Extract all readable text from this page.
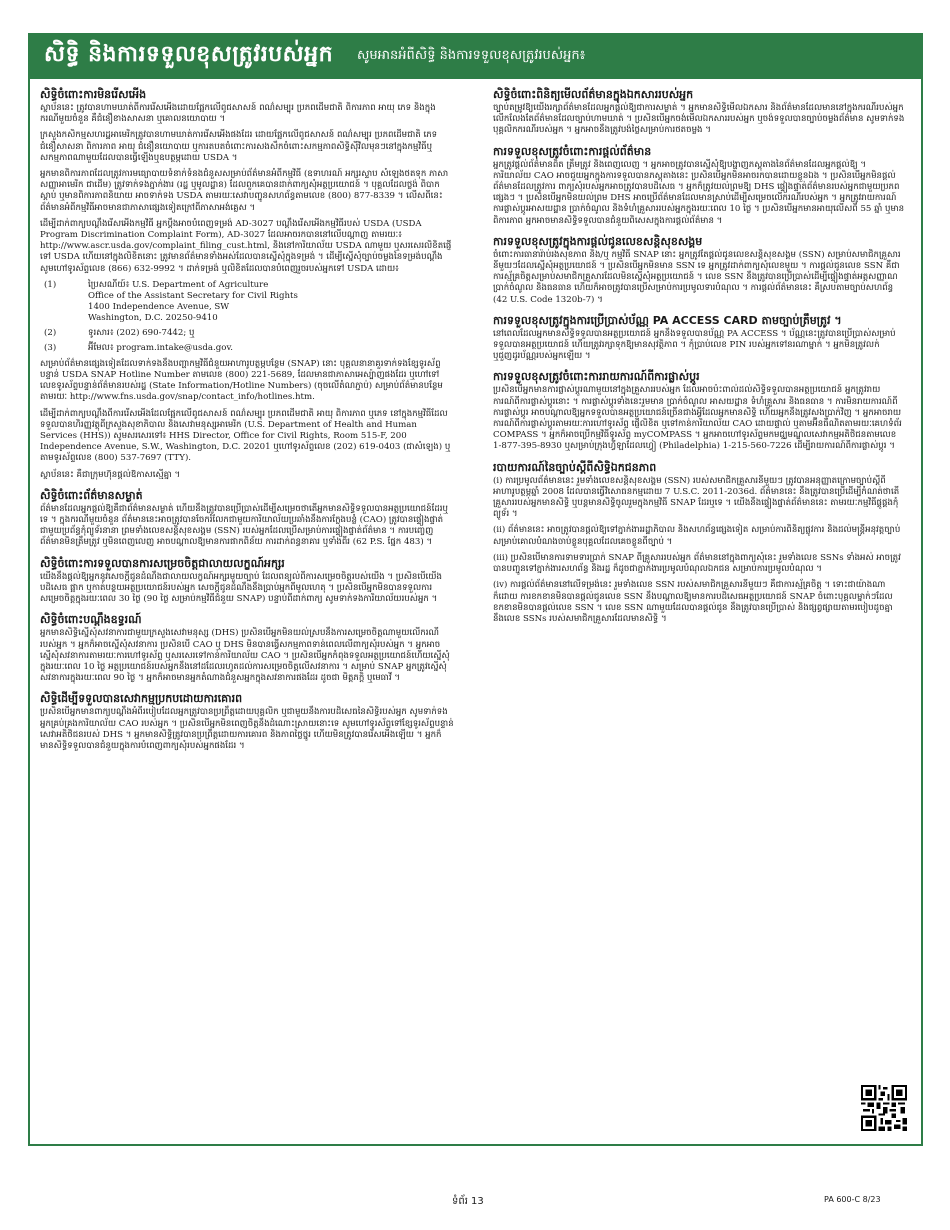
សិទ្ធិ និងការទទួលខុសត្រូវរបស់អ្នក សូមអានអំពីសិទ្ធិ និងការទទួលខុសត្រូវរបស់អ្នក៖

សិទ្ធិចំពោះការមិនរើសអើង

ស្ថាប័ននេះ ត្រូវបានហាមឃាត់ពីការរើសអើងដោយផ្អែកលើពូជសាសន៍ ពណ៌សម្បុរ ប្រភពដើមជាតិ ពិការភាព អាយុ ភេទ និងក្នុងករណីមួយចំនួន គឺជំនឿខាងសាសនា ឬគោលនយោបាយ ។

ក្រសួងកសិកម្មសហរដ្ឋអាមេរិកត្រូវបានហាមឃាត់ការរើសអើងផងដែរ ដោយផ្អែកលើពូជសាសន៍ ពណ៌សម្បុរ ប្រភពដើមជាតិ ភេទ ជំនឿសាសនា ពិការភាព អាយុ ជំនឿនយោបាយ ឬការតបតចំពោះការសងសឹកចំពោះសកម្មភាពសិទ្ធិស៊ីវិលមុនៗនៅក្នុងកម្មវិធីឬសកម្មភាពណាមួយដែលបានធ្វើឡើងឬឧបត្ថម្ភដោយ USDA ។

អ្នកមានពិការភាពដែលត្រូវការមធ្យោបាយទំនាក់ទំនងជំនួសសម្រាប់ព័ត៌មានអំពីកម្មវិធី (ឧទាហរណ៍ អក្សរស្ទាប សំឡេងថតទុក ភាសាសញ្ញាអាមេរិក ជាដើម) ត្រូវទាក់ទងភ្នាក់ងារ (រដ្ឋ ឬមូលដ្ឋាន) ដែលពួកគេបានដាក់ពាក្យសុំអត្ថប្រយោជន៍ ។ បុគ្គលដែលថ្លង់ ពិបាកស្តាប់ ឬមានពិការភាពនិយាយ អាចទាក់ទង USDA តាមរយៈសេវាបញ្ជូនសហព័ន្ធតាមលេខ (800) 877-8339 ។ លើសពីនេះ ព័ត៌មានអំពីកម្មវិធីអាចមានជាភាសាផ្សេងទៀតក្រៅពីភាសាអង់គ្លេស ។

ដើម្បីដាក់ពាក្យបណ្តឹងរើសអើងកម្មវិធី អ្នកប្តឹងអាចបំពេញទម្រង់ AD-3027 បណ្តឹងរើសអើងកម្មវិធីរបស់ USDA (USDA Program Discrimination Complaint Form), AD-3027 ដែលអាចរកបាននៅលើបណ្តាញ តាមរយៈ៖ http://www.ascr.usda.gov/complaint_filing_cust.html, និងនៅការិយាល័យ USDA ណាមួយ ឬសរសេរលិខិតផ្ញើទៅ USDA ហើយនៅក្នុងលិខិតនោះ ត្រូវមានព័ត៌មានទាំងអស់ដែលបានស្នើសុំក្នុងទម្រង់ ។ ដើម្បីស្នើសុំច្បាប់ចម្លងនៃទម្រង់បណ្តឹង សូមហៅទូរស័ព្ទលេខ (866) 632-9992 ។ ដាក់ទម្រង់ ឬលិខិតដែលបានបំពេញរួចរបស់អ្នកទៅ USDA ដោយ៖

(1)	ប្រៃសណីយ៍៖ U.S. Department of Agriculture
Office of the Assistant Secretary for Civil Rights
1400 Independence Avenue, SW
Washington, D.C. 20250-9410
(2)	ទូរសារ៖ (202) 690-7442; ឬ
(3)	អ៊ីមែល៖ program.intake@usda.gov.

សម្រាប់ព័ត៌មានផ្សេងទៀតដែលទាក់ទងនឹងបញ្ហាកម្មវិធីជំនួយអាហារូបត្ថម្ភបន្ថែម (SNAP) នោះ បុគ្គលនានាគួរទាក់ទងខ្សែទូរស័ព្ទបន្ទាន់ USDA SNAP Hotline Number តាមលេខ (800) 221-5689, ដែលមានជាភាសាអេស្ប៉ាញផងដែរ ឬហៅទៅលេខទូរស័ព្ទបន្ទាន់ព័ត៌មានរបស់រដ្ឋ (State Information/Hotline Numbers) (ចុចលើតំណភ្ជាប់) សម្រាប់ព័ត៌មានបន្ថែមតាមរយៈ http://www.fns.usda.gov/snap/contact_info/hotlines.htm.

ដើម្បីដាក់ពាក្យបណ្តឹងពីការរើសអើងដែលផ្អែកលើពូជសាសន៍ ពណ៌សម្បុរ ប្រភពដើមជាតិ អាយុ ពិការភាព ឬភេទ នៅក្នុងកម្មវិធីដែលទទួលបានហិរញ្ញវត្ថុពីក្រសួងសុខាភិបាល និងសេវាមនុស្សអាមេរិក (U.S. Department of Health and Human Services (HHS)) សូមសរសេរទៅ៖ HHS Director, Office for Civil Rights, Room 515-F, 200 Independence Avenue, S.W., Washington, D.C. 20201 ឬហៅទូរស័ព្ទលេខ (202) 619-0403 (ជាសំឡេង) ឬតាមទូរស័ព្ទលេខ (800) 537-7697 (TTY).

ស្ថាប័ននេះ គឺជាក្រុមហ៊ុនផ្តល់ឱកាសស្មើគ្នា ។

សិទ្ធិចំពោះព័ត៌មានសម្ងាត់

ព័ត៌មានដែលអ្នកផ្តល់ឱ្យគឺជាព័ត៌មានសម្ងាត់ ហើយនឹងត្រូវបានប្រើប្រាស់ដើម្បីសម្រេចថាតើអ្នកមានសិទ្ធិទទួលបានអត្ថប្រយោជន៍ដែរឬទេ ។ ក្នុងករណីមួយចំនួន ព័ត៌មាននេះអាចត្រូវបានចែករំលែកជាមួយការិយាល័យប្រឆាំងនឹងការក្លែងបន្លំ (CAO) ត្រូវបានផ្ទៀងផ្ទាត់ជាមួយប្រព័ន្ធកុំព្យូទ័រនានា ព្រមទាំងលេខសន្តិសុខសង្គម (SSN) របស់អ្នកដែលប្រើសម្រាប់ការផ្ទៀងផ្ទាត់ព័ត៌មាន ។ ការបញ្ចេញព័ត៌មានមិនត្រឹមត្រូវ ឬមិនពេញលេញ អាចបណ្តាលឱ្យមានការផាកពិន័យ ការដាក់ពន្ធនាគារ ឬទាំងពីរ (62 P.S. ផ្នែក 483) ។

សិទ្ធិចំពោះការទទួលបានការសម្រេចចិត្តជាលាយលក្ខណ៍អក្សរ

យើងនឹងផ្តល់ឱ្យអ្នកនូវសេចក្តីជូនដំណឹងជាលាយលក្ខណ៍អក្សរមួយច្បាប់ ដែលពន្យល់ពីការសម្រេចចិត្តរបស់យើង ។ ប្រសិនបើយើងបដិសេធ ផ្អាក ឬកាត់បន្ថយអត្ថប្រយោជន៍របស់អ្នក សេចក្តីជូនដំណឹងនឹងប្រាប់អ្នកពីមូលហេតុ ។ ប្រសិនបើអ្នកមិនបានទទួលការសម្រេចចិត្តក្នុងរយៈពេល 30 ថ្ងៃ (90 ថ្ងៃ សម្រាប់កម្មវិធីជំនួយ SNAP) បន្ទាប់ពីដាក់ពាក្យ សូមទាក់ទងការិយាល័យរបស់អ្នក ។

សិទ្ធិចំពោះបណ្តឹងឧទ្ធរណ៍

អ្នកមានសិទ្ធិស្នើសុំសវនាការជាមួយក្រសួងសេវាមនុស្ស (DHS) ប្រសិនបើអ្នកមិនយល់ស្របនឹងការសម្រេចចិត្តណាមួយលើករណីរបស់អ្នក ។ អ្នកក៏អាចស្នើសុំសវនាការ ប្រសិនបើ CAO ឬ DHS មិនបានធ្វើសកម្មភាពទាន់ពេលលើពាក្យសុំរបស់អ្នក ។ អ្នកអាចស្នើសុំសវនាការតាមរយៈការហៅទូរស័ព្ទ ឬសរសេរទៅកាន់ការិយាល័យ CAO ។ ប្រសិនបើអ្នកកំពុងទទួលអត្ថប្រយោជន៍ហើយស្នើសុំក្នុងរយៈពេល 10 ថ្ងៃ អត្ថប្រយោជន៍របស់អ្នកនឹងនៅដដែលរហូតដល់ការសម្រេចចិត្តលើសវនាការ ។ សម្រាប់ SNAP អ្នកត្រូវស្នើសុំសវនាការក្នុងរយៈពេល 90 ថ្ងៃ ។ អ្នកក៏អាចមានអ្នកតំណាងជំនួសអ្នកក្នុងសវនាការផងដែរ ដូចជា មិត្តភក្តិ ឬមេធាវី ។

សិទ្ធិដើម្បីទទួលបានសេវាកម្មប្រកបដោយការគោរព

ប្រសិនបើអ្នកមានពាក្យបណ្តឹងអំពីរបៀបដែលអ្នកត្រូវបានប្រព្រឹត្តដោយបុគ្គលិក ឬជាមួយនឹងការបដិសេធនៃសិទ្ធិរបស់អ្នក សូមទាក់ទងអ្នកគ្រប់គ្រងការិយាល័យ CAO របស់អ្នក ។ ប្រសិនបើអ្នកមិនពេញចិត្តនឹងដំណោះស្រាយនោះទេ សូមហៅទូរស័ព្ទទៅខ្សែទូរស័ព្ទបន្ទាន់សេវាអតិថិជនរបស់ DHS ។ អ្នកមានសិទ្ធិត្រូវបានប្រព្រឹត្តដោយការគោរព និងភាពថ្លៃថ្នូរ ហើយមិនត្រូវបានរើសអើងឡើយ ។ អ្នកក៏មានសិទ្ធិទទួលបានជំនួយក្នុងការបំពេញពាក្យសុំរបស់អ្នកផងដែរ ។

សិទ្ធិចំពោះពិនិត្យមើលព័ត៌មានក្នុងឯកសាររបស់អ្នក

ច្បាប់តម្រូវឱ្យយើងរក្សាព័ត៌មានដែលអ្នកផ្តល់ឱ្យជាការសម្ងាត់ ។ អ្នកមានសិទ្ធិមើលឯកសារ និងព័ត៌មានដែលមាននៅក្នុងករណីរបស់អ្នក លើកលែងតែព័ត៌មានដែលច្បាប់ហាមឃាត់ ។ ប្រសិនបើអ្នកចង់មើលឯកសាររបស់អ្នក ឬចង់ទទួលបានច្បាប់ចម្លងព័ត៌មាន សូមទាក់ទងបុគ្គលិកករណីរបស់អ្នក ។ អ្នកអាចនឹងត្រូវបង់ថ្លៃសម្រាប់ការថតចម្លង ។

ការទទួលខុសត្រូវចំពោះការផ្តល់ព័ត៌មាន

អ្នកត្រូវផ្តល់ព័ត៌មានពិត ត្រឹមត្រូវ និងពេញលេញ ។ អ្នកអាចត្រូវបានស្នើសុំឱ្យបង្ហាញភស្តុតាងនៃព័ត៌មានដែលអ្នកផ្តល់ឱ្យ ។ ការិយាល័យ CAO អាចជួយអ្នកក្នុងការទទួលបានភស្តុតាងនេះ ប្រសិនបើអ្នកមិនអាចរកបានដោយខ្លួនឯង ។ ប្រសិនបើអ្នកមិនផ្តល់ព័ត៌មានដែលត្រូវការ ពាក្យសុំរបស់អ្នកអាចត្រូវបានបដិសេធ ។ អ្នកក៏ត្រូវយល់ព្រមឱ្យ DHS ផ្ទៀងផ្ទាត់ព័ត៌មានរបស់អ្នកជាមួយប្រភពផ្សេងៗ ។ ប្រសិនបើអ្នកមិនយល់ព្រម DHS អាចប្រើព័ត៌មានដែលមានស្រាប់ដើម្បីសម្រេចលើករណីរបស់អ្នក ។ អ្នកត្រូវរាយការណ៍ការផ្លាស់ប្តូរអាសយដ្ឋាន ប្រាក់ចំណូល និងទំហំគ្រួសាររបស់អ្នកក្នុងរយៈពេល 10 ថ្ងៃ ។ ប្រសិនបើអ្នកមានអាយុលើសពី 55 ឆ្នាំ ឬមានពិការភាព អ្នកអាចមានសិទ្ធិទទួលបានជំនួយពិសេសក្នុងការផ្តល់ព័ត៌មាន ។

ការទទួលខុសត្រូវក្នុងការផ្តល់ជូនលេខសន្តិសុខសង្គម

ចំពោះការធានារ៉ាប់រងសុខភាព និង/ឬ កម្មវិធី SNAP នោះ អ្នកត្រូវតែផ្តល់ជូនលេខសន្តិសុខសង្គម (SSN) សម្រាប់សមាជិកគ្រួសារនីមួយៗដែលស្នើសុំអត្ថប្រយោជន៍ ។ ប្រសិនបើអ្នកមិនមាន SSN ទេ អ្នកត្រូវដាក់ពាក្យសុំលេខមួយ ។ ការផ្តល់ជូនលេខ SSN គឺជាការស្ម័គ្រចិត្តសម្រាប់សមាជិកគ្រួសារដែលមិនស្នើសុំអត្ថប្រយោជន៍ ។ លេខ SSN នឹងត្រូវបានប្រើប្រាស់ដើម្បីផ្ទៀងផ្ទាត់អត្តសញ្ញាណ ប្រាក់ចំណូល និងធនធាន ហើយក៏អាចត្រូវបានប្រើសម្រាប់ការប្រមូលទារបំណុល ។ ការផ្តល់ព័ត៌មាននេះ គឺស្របតាមច្បាប់សហព័ន្ធ (42 U.S. Code 1320b-7) ។

ការទទួលខុសត្រូវក្នុងការប្រើប្រាស់ប័ណ្ណ PA ACCESS CARD តាមច្បាប់ត្រឹមត្រូវ ។

នៅពេលដែលអ្នកមានសិទ្ធិទទួលបានអត្ថប្រយោជន៍ អ្នកនឹងទទួលបានប័ណ្ណ PA ACCESS ។ ប័ណ្ណនេះត្រូវបានប្រើប្រាស់សម្រាប់ទទួលបានអត្ថប្រយោជន៍ ហើយត្រូវរក្សាទុកឱ្យមានសុវត្ថិភាព ។ កុំប្រាប់លេខ PIN របស់អ្នកទៅនរណាម្នាក់ ។ អ្នកមិនត្រូវលក់ ឬជួញដូរប័ណ្ណរបស់អ្នកឡើយ ។

ការទទួលខុសត្រូវចំពោះការរាយការណ៍ពីការផ្លាស់ប្តូរ

ប្រសិនបើអ្នកមានការផ្លាស់ប្តូរណាមួយនៅក្នុងគ្រួសាររបស់អ្នក ដែលអាចប៉ះពាល់ដល់សិទ្ធិទទួលបានអត្ថប្រយោជន៍ អ្នកត្រូវរាយការណ៍ពីការផ្លាស់ប្តូរនោះ ។ ការផ្លាស់ប្តូរទាំងនេះរួមមាន ប្រាក់ចំណូល អាសយដ្ឋាន ទំហំគ្រួសារ និងធនធាន ។ ការមិនរាយការណ៍ពីការផ្លាស់ប្តូរ អាចបណ្តាលឱ្យអ្នកទទួលបានអត្ថប្រយោជន៍ច្រើនជាងអ្វីដែលអ្នកមានសិទ្ធិ ហើយអ្នកនឹងត្រូវសងប្រាក់វិញ ។ អ្នកអាចរាយការណ៍ពីការផ្លាស់ប្តូរតាមរយៈការហៅទូរស័ព្ទ ផ្ញើលិខិត ឬទៅកាន់ការិយាល័យ CAO ដោយផ្ទាល់ ឬតាមអ៊ីនធឺណិតតាមរយៈគេហទំព័រ COMPASS ។ អ្នកក៏អាចប្រើកម្មវិធីទូរស័ព្ទ myCOMPASS ។ អ្នកអាចហៅទូរស័ព្ទមកមជ្ឈមណ្ឌលសេវាកម្មអតិថិជនតាមលេខ 1-877-395-8930 ឬសម្រាប់ក្រុងហ្វីឡាដែលហ្វៀ (Philadelphia) 1-215-560-7226 ដើម្បីរាយការណ៍ពីការផ្លាស់ប្តូរ ។

របាយការណ៍នៃច្បាប់ស្តីពីសិទ្ធិឯកជនភាព

(i) ការប្រមូលព័ត៌មាននេះ រួមទាំងលេខសន្តិសុខសង្គម (SSN) របស់សមាជិកគ្រួសារនីមួយៗ ត្រូវបានអនុញ្ញាតក្រោមច្បាប់ស្តីពីអាហារូបត្ថម្ភឆ្នាំ 2008 ដែលបានធ្វើវិសោធនកម្មដោយ 7 U.S.C. 2011-2036d. ព័ត៌មាននេះ នឹងត្រូវបានប្រើដើម្បីកំណត់ថាតើគ្រួសាររបស់អ្នកមានសិទ្ធិ ឬបន្តមានសិទ្ធិចូលរួមក្នុងកម្មវិធី SNAP ដែរឬទេ ។ យើងនឹងផ្ទៀងផ្ទាត់ព័ត៌មាននេះ តាមរយៈកម្មវិធីផ្គូផ្គងកុំព្យូទ័រ ។

(ii) ព័ត៌មាននេះ អាចត្រូវបានផ្តល់ឱ្យទៅភ្នាក់ងាររដ្ឋាភិបាល និងសហព័ន្ធផ្សេងទៀត សម្រាប់ការពិនិត្យផ្លូវការ និងដល់មន្ត្រីអនុវត្តច្បាប់ សម្រាប់គោលបំណងចាប់ខ្លួនបុគ្គលដែលគេចខ្លួនពីច្បាប់ ។

(iii) ប្រសិនបើមានការទាមទារប្រាក់ SNAP ពីគ្រួសាររបស់អ្នក ព័ត៌មាននៅក្នុងពាក្យសុំនេះ រួមទាំងលេខ SSNs ទាំងអស់ អាចត្រូវបានបញ្ជូនទៅភ្នាក់ងារសហព័ន្ធ និងរដ្ឋ ក៏ដូចជាភ្នាក់ងារប្រមូលបំណុលឯកជន សម្រាប់ការប្រមូលបំណុល ។

(iv) ការផ្តល់ព័ត៌មាននៅលើទម្រង់នេះ រួមទាំងលេខ SSN របស់សមាជិកគ្រួសារនីមួយៗ គឺជាការស្ម័គ្រចិត្ត ។ ទោះជាយ៉ាងណាក៏ដោយ ការខកខានមិនបានផ្តល់ជូនលេខ SSN នឹងបណ្តាលឱ្យមានការបដិសេធអត្ថប្រយោជន៍ SNAP ចំពោះបុគ្គលម្នាក់ៗដែលខកខានមិនបានផ្តល់លេខ SSN ។ លេខ SSN ណាមួយដែលបានផ្តល់ជូន នឹងត្រូវបានប្រើប្រាស់ និងផ្សព្វផ្សាយតាមរបៀបដូចគ្នានឹងលេខ SSNs របស់សមាជិកគ្រួសារដែលមានសិទ្ធិ ។

ទំព័រ 13	PA 600-C 8/23
